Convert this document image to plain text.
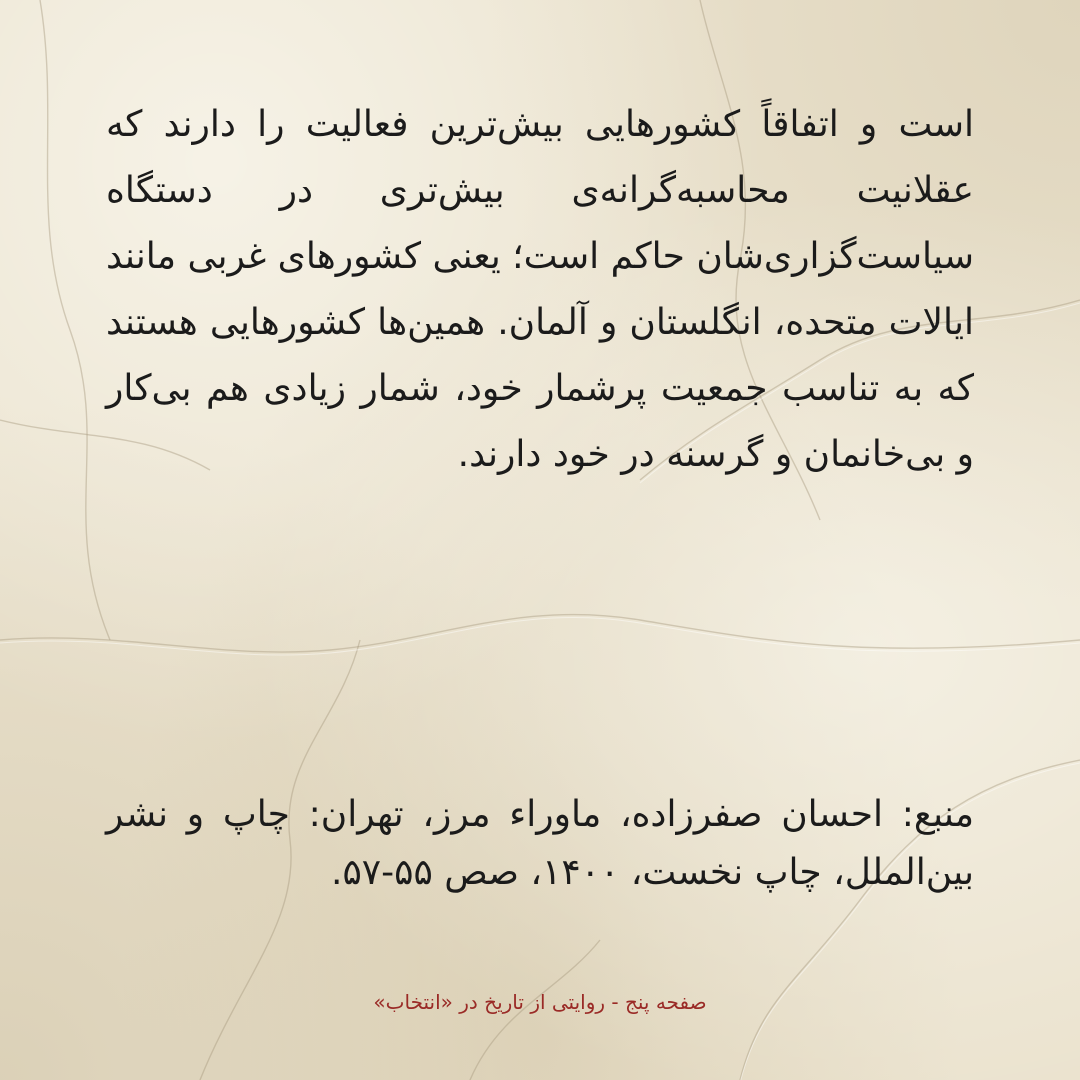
است و اتفاقاً کشورهایی بیش‌ترین فعالیت را دارند که عقلانیت محاسبه‌گرانه‌ی بیش‌تری در دستگاه سیاست‌گزاری‌شان حاکم است؛ یعنی کشورهای غربی مانند ایالات متحده، انگلستان و آلمان. همین‌ها کشورهایی هستند که به تناسب جمعیت پرشمار خود، شمار زیادی هم بی‌کار و بی‌خانمان و گرسنه در خود دارند.

منبع: احسان صفرزاده، ماوراء مرز، تهران: چاپ و نشر بین‌الملل، چاپ نخست، ۱۴۰۰، صص ۵۵-۵۷.

صفحه پنج - روایتی از تاریخ در «انتخاب»
